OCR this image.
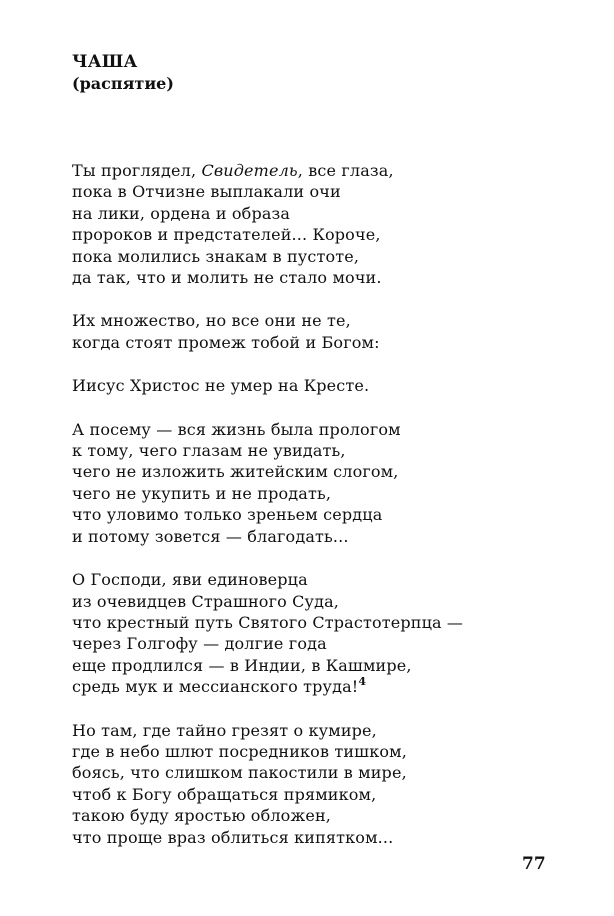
ЧАША
(распятие)
Ты проглядел, Свидетель, все глаза,
пока в Отчизне выплакали очи
на лики, ордена и образа
пророков и предстателей... Короче,
пока молились знакам в пустоте,
да так, что и молить не стало мочи.
Их множество, но все они не те,
когда стоят промеж тобой и Богом:
Иисус Христос не умер на Кресте.
А посему — вся жизнь была прологом
к тому, чего глазам не увидать,
чего не изложить житейским слогом,
чего не укупить и не продать,
что уловимо только зреньем сердца
и потому зовется — благодать...
О Господи, яви единоверца
из очевидцев Страшного Суда,
что крестный путь Святого Страстотерпца —
через Голгофу — долгие года
еще продлился — в Индии, в Кашмире,
средь мук и мессианского труда!$^4$
Но там, где тайно грезят о кумире,
где в небо шлют посредников тишком,
боясь, что слишком пакостили в мире,
чтоб к Богу обращаться прямиком,
такою буду яростью обложен,
что проще враз облиться кипятком...
77
